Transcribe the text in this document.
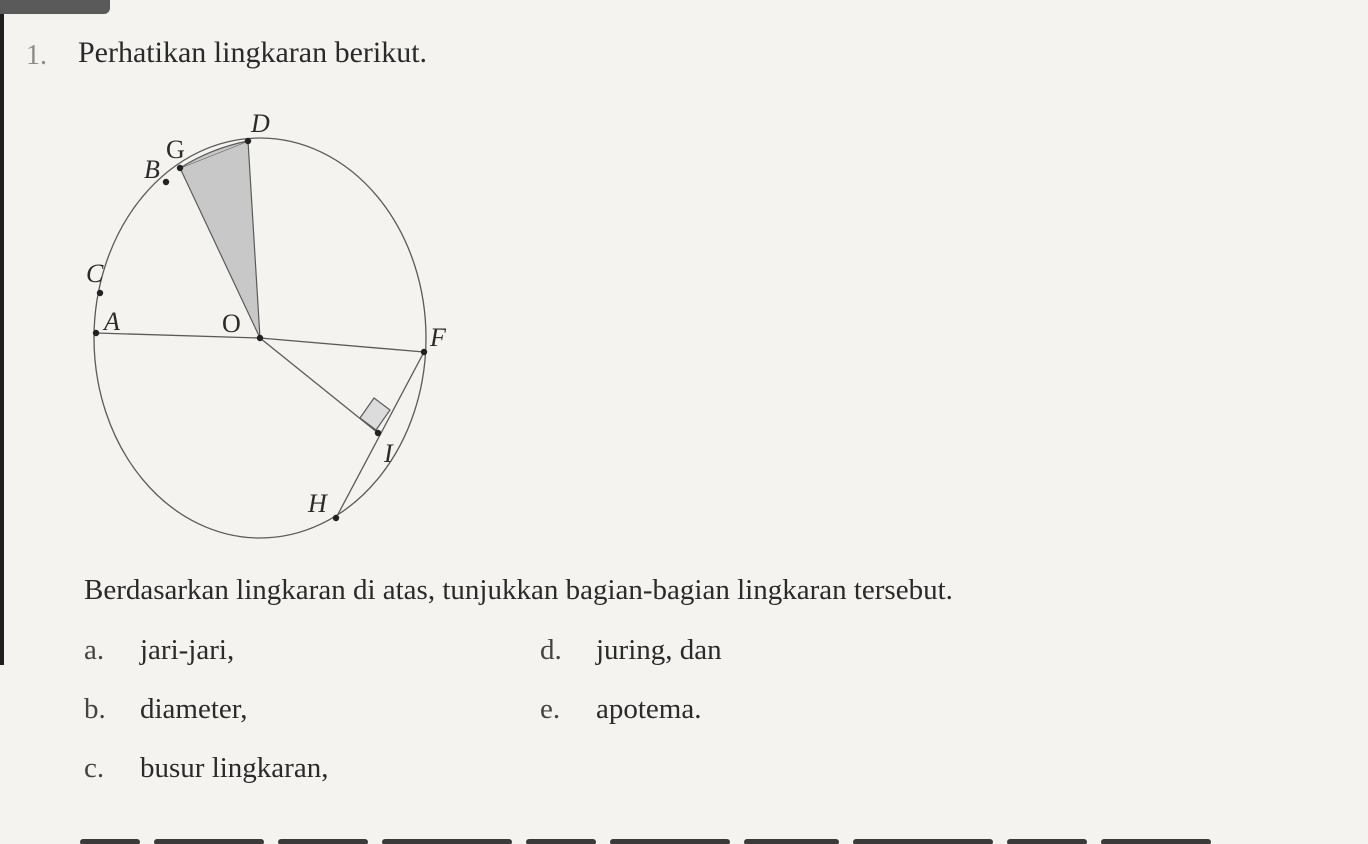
1. Perhatikan lingkaran berikut.
D
G
B
C
A	O	F
I
H
Berdasarkan lingkaran di atas, tunjukkan bagian-bagian lingkaran tersebut.
a. jari-jari,
b. diameter,
c. busur lingkaran,
d. juring, dan
e. apotema.
